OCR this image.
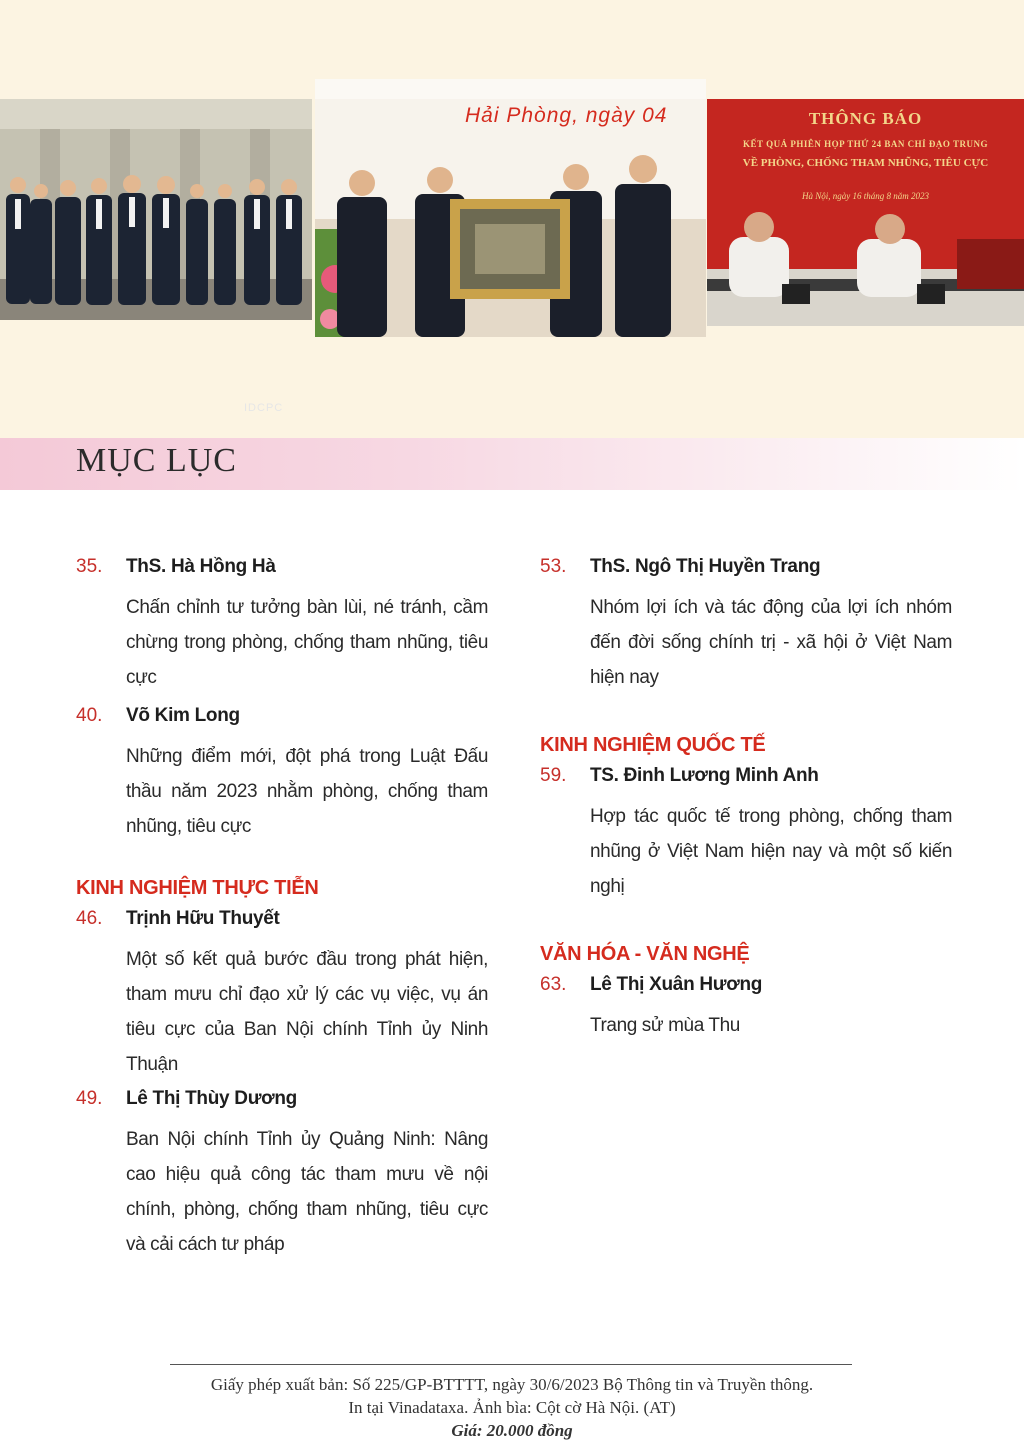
IDCPC
Hải Phòng, ngày 04	THÔNG BÁO
KẾT QUẢ PHIÊN HỌP THỨ 24 BAN CHỈ ĐẠO TRUNG
VỀ PHÒNG, CHỐNG THAM NHŨNG, TIÊU CỰC
Hà Nội, ngày 16 tháng 8 năm 2023
MỤC LỤC
35.	ThS. Hà Hồng Hà
Chấn chỉnh tư tưởng bàn lùi, né tránh, cầm chừng trong phòng, chống tham nhũng, tiêu cực
40.	Võ Kim Long
Những điểm mới, đột phá trong Luật Đấu thầu năm 2023 nhằm phòng, chống tham nhũng, tiêu cực
KINH NGHIỆM THỰC TIỄN
46.	Trịnh Hữu Thuyết
Một số kết quả bước đầu trong phát hiện, tham mưu chỉ đạo xử lý các vụ việc, vụ án tiêu cực của Ban Nội chính Tỉnh ủy Ninh Thuận
49.	Lê Thị Thùy Dương
Ban Nội chính Tỉnh ủy Quảng Ninh: Nâng cao hiệu quả công tác tham mưu về nội chính, phòng, chống tham nhũng, tiêu cực và cải cách tư pháp
53.	ThS. Ngô Thị Huyền Trang
Nhóm lợi ích và tác động của lợi ích nhóm đến đời sống chính trị - xã hội ở Việt Nam hiện nay
KINH NGHIỆM QUỐC TẾ
59.	TS. Đinh Lương Minh Anh
Hợp tác quốc tế trong phòng, chống tham nhũng ở Việt Nam hiện nay và một số kiến nghị
VĂN HÓA - VĂN NGHỆ
63.	Lê Thị Xuân Hương
Trang sử mùa Thu
Giấy phép xuất bản: Số 225/GP-BTTTT, ngày 30/6/2023 Bộ Thông tin và Truyền thông.
In tại Vinadataxa. Ảnh bìa: Cột cờ Hà Nội. (AT)
Giá: 20.000 đồng
